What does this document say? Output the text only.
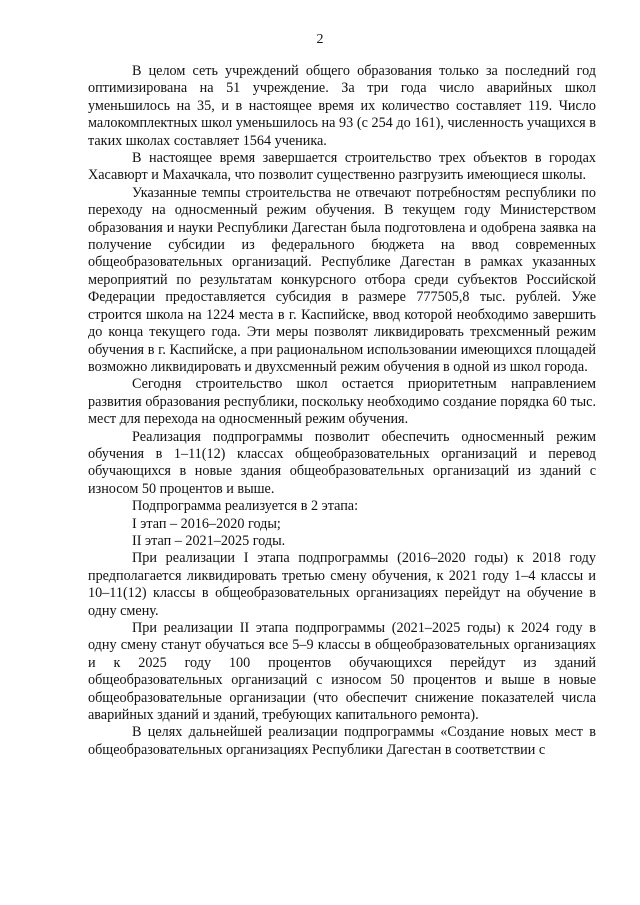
2

В целом сеть учреждений общего образования только за последний год оптимизирована на 51 учреждение. За три года число аварийных школ уменьшилось на 35, и в настоящее время их количество составляет 119. Число малокомплектных школ уменьшилось на 93 (с 254 до 161), численность учащихся в таких школах составляет 1564 ученика.

В настоящее время завершается строительство трех объектов в городах Хасавюрт и Махачкала, что позволит существенно разгрузить имеющиеся школы.

Указанные темпы строительства не отвечают потребностям республики по переходу на односменный режим обучения. В текущем году Министерством образования и науки Республики Дагестан была подготовлена и одобрена заявка на получение субсидии из федерального бюджета на ввод современных общеобразовательных организаций. Республике Дагестан в рамках указанных мероприятий по результатам конкурсного отбора среди субъектов Российской Федерации предоставляется субсидия в размере 777505,8 тыс. рублей. Уже строится школа на 1224 места в г. Каспийске, ввод которой необходимо завершить до конца текущего года. Эти меры позволят ликвидировать трехсменный режим обучения в г. Каспийске, а при рациональном использовании имеющихся площадей возможно ликвидировать и двухсменный режим обучения в одной из школ города.

Сегодня строительство школ остается приоритетным направлением развития образования республики, поскольку необходимо создание порядка 60 тыс. мест для перехода на односменный режим обучения.

Реализация подпрограммы позволит обеспечить односменный режим обучения в 1–11(12) классах общеобразовательных организаций и перевод обучающихся в новые здания общеобразовательных организаций из зданий с износом 50 процентов и выше.

Подпрограмма реализуется в 2 этапа:

I этап – 2016–2020 годы;

II этап – 2021–2025 годы.

При реализации I этапа подпрограммы (2016–2020 годы) к 2018 году предполагается ликвидировать третью смену обучения, к 2021 году 1–4 классы и 10–11(12) классы в общеобразовательных организациях перейдут на обучение в одну смену.

При реализации II этапа подпрограммы (2021–2025 годы) к 2024 году в одну смену станут обучаться все 5–9 классы в общеобразовательных организациях и к 2025 году 100 процентов обучающихся перейдут из зданий общеобразовательных организаций с износом 50 процентов и выше в новые общеобразовательные организации (что обеспечит снижение показателей числа аварийных зданий и зданий, требующих капитального ремонта).

В целях дальнейшей реализации подпрограммы «Создание новых мест в общеобразовательных организациях Республики Дагестан в соответствии с
